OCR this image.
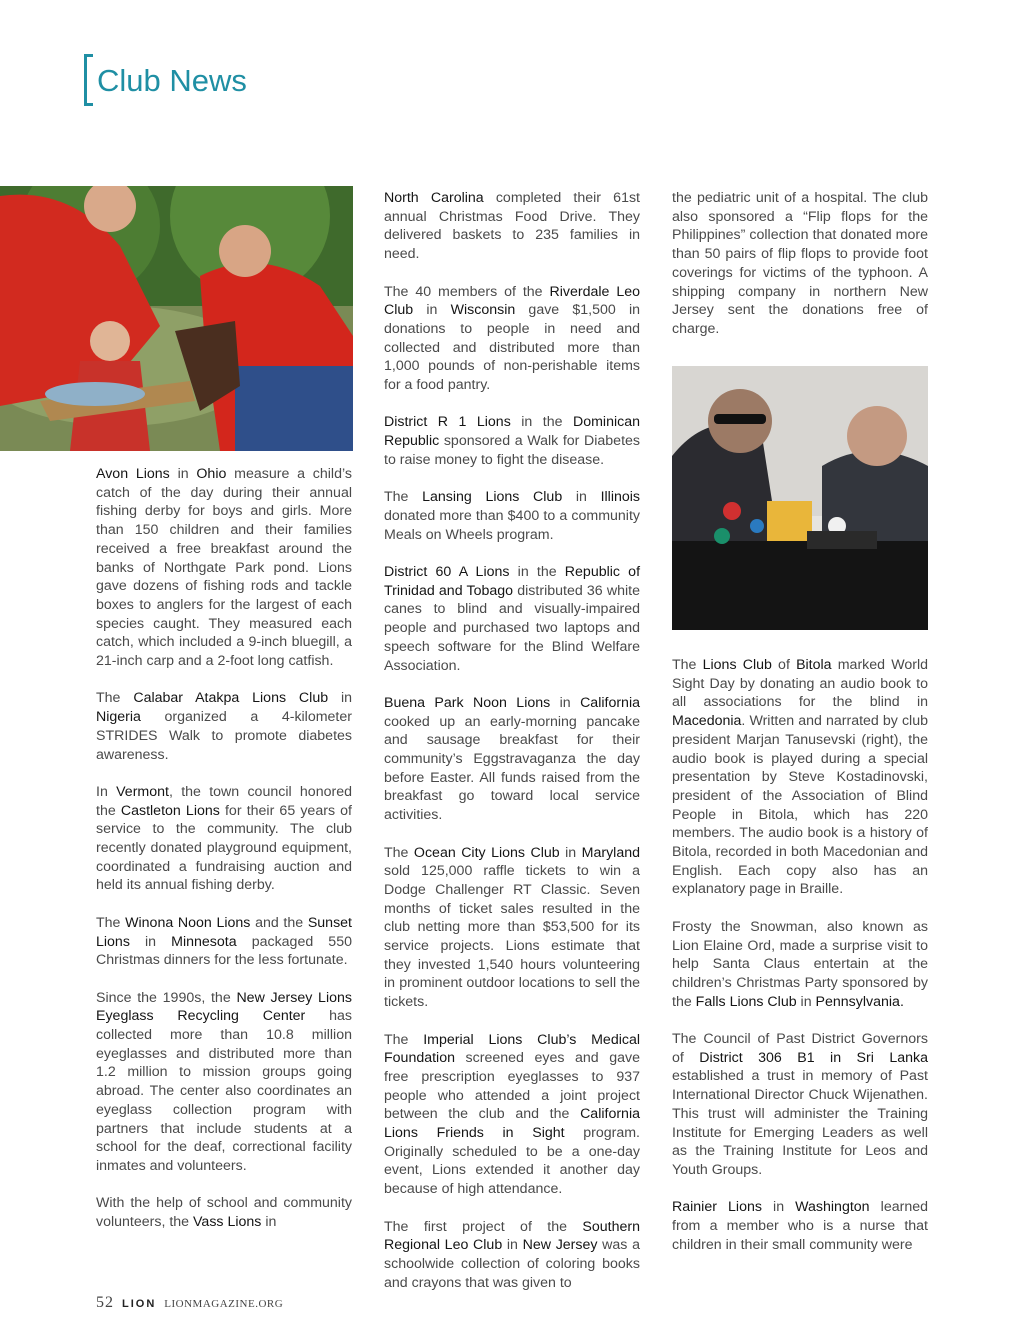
Club News

Avon Lions in Ohio measure a child’s catch of the day during their annual fishing derby for boys and girls. More than 150 children and their families received a free breakfast around the banks of Northgate Park pond. Lions gave dozens of fishing rods and tackle boxes to anglers for the largest of each species caught. They measured each catch, which included a 9-inch bluegill, a 21-inch carp and a 2-foot long catfish.

The Calabar Atakpa Lions Club in Nigeria organized a 4-kilometer STRIDES Walk to promote diabetes awareness.

In Vermont, the town council honored the Castleton Lions for their 65 years of service to the community. The club recently donated playground equipment, coordinated a fundraising auction and held its annual fishing derby.

The Winona Noon Lions and the Sunset Lions in Minnesota packaged 550 Christmas dinners for the less fortunate.

Since the 1990s, the New Jersey Lions Eyeglass Recycling Center has collected more than 10.8 million eyeglasses and distributed more than 1.2 million to mission groups going abroad. The center also coordinates an eyeglass collection program with partners that include students at a school for the deaf, correctional facility inmates and volunteers.

With the help of school and community volunteers, the Vass Lions in

North Carolina completed their 61st annual Christmas Food Drive. They delivered baskets to 235 families in need.

The 40 members of the Riverdale Leo Club in Wisconsin gave $1,500 in donations to people in need and collected and distributed more than 1,000 pounds of non-perishable items for a food pantry.

District R 1 Lions in the Dominican Republic sponsored a Walk for Diabetes to raise money to fight the disease.

The Lansing Lions Club in Illinois donated more than $400 to a community Meals on Wheels program.

District 60 A Lions in the Republic of Trinidad and Tobago distributed 36 white canes to blind and visually-impaired people and purchased two laptops and speech software for the Blind Welfare Association.

Buena Park Noon Lions in California cooked up an early-morning pancake and sausage breakfast for their community’s Eggstravaganza the day before Easter. All funds raised from the breakfast go toward local service activities.

The Ocean City Lions Club in Maryland sold 125,000 raffle tickets to win a Dodge Challenger RT Classic. Seven months of ticket sales resulted in the club netting more than $53,500 for its service projects. Lions estimate that they invested 1,540 hours volunteering in prominent outdoor locations to sell the tickets.

The Imperial Lions Club’s Medical Foundation screened eyes and gave free prescription eyeglasses to 937 people who attended a joint project between the club and the California Lions Friends in Sight program. Originally scheduled to be a one-day event, Lions extended it another day because of high attendance.

The first project of the Southern Regional Leo Club in New Jersey was a schoolwide collection of coloring books and crayons that was given to

the pediatric unit of a hospital. The club also sponsored a “Flip flops for the Philippines” collection that donated more than 50 pairs of flip flops to provide foot coverings for victims of the typhoon. A shipping company in northern New Jersey sent the donations free of charge.

The Lions Club of Bitola marked World Sight Day by donating an audio book to all associations for the blind in Macedonia. Written and narrated by club president Marjan Tanusevski (right), the audio book is played during a special presentation by Steve Kostadinovski, president of the Association of Blind People in Bitola, which has 220 members. The audio book is a history of Bitola, recorded in both Macedonian and English. Each copy also has an explanatory page in Braille.

Frosty the Snowman, also known as Lion Elaine Ord, made a surprise visit to help Santa Claus entertain at the children’s Christmas Party sponsored by the Falls Lions Club in Pennsylvania.

The Council of Past District Governors of District 306 B1 in Sri Lanka established a trust in memory of Past International Director Chuck Wijenathen. This trust will administer the Training Institute for Emerging Leaders as well as the Training Institute for Leos and Youth Groups.

Rainier Lions in Washington learned from a member who is a nurse that children in their small community were

52 LION LIONMAGAZINE.ORG
